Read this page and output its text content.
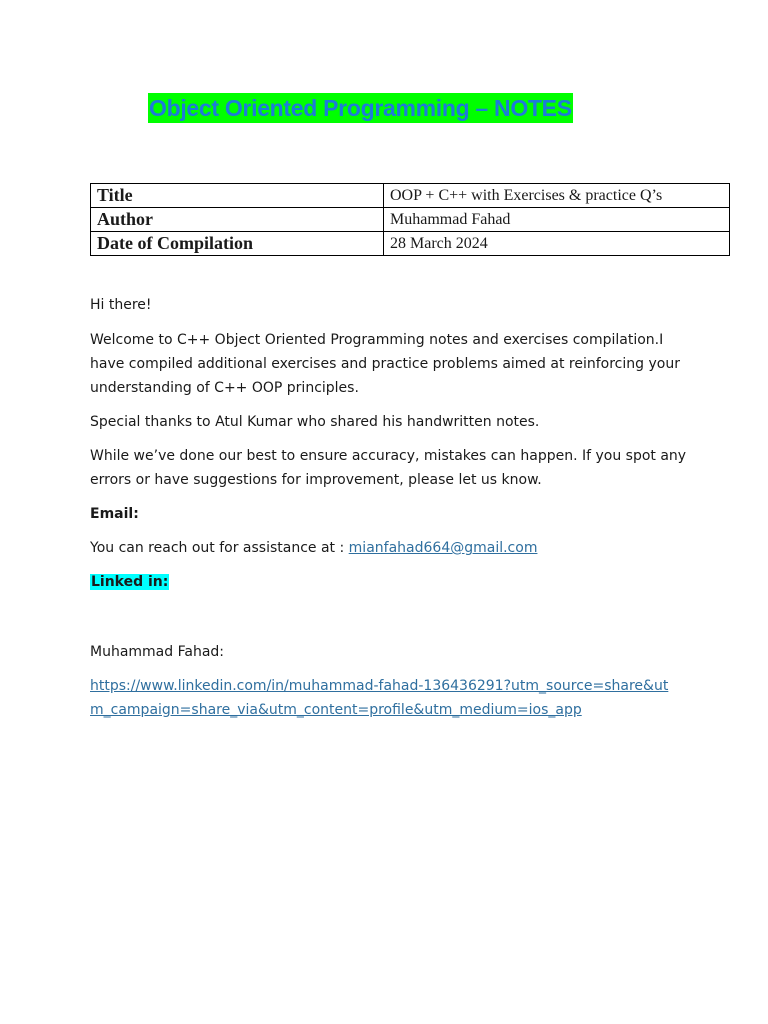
Object Oriented Programming – NOTES
Title	OOP + C++ with Exercises & practice Q’s
Author	Muhammad Fahad
Date of Compilation	28 March 2024

Hi there!

Welcome to C++ Object Oriented Programming notes and exercises compilation.I have compiled additional exercises and practice problems aimed at reinforcing your understanding of C++ OOP principles.

Special thanks to Atul Kumar who shared his handwritten notes.

While we’ve done our best to ensure accuracy, mistakes can happen. If you spot any errors or have suggestions for improvement, please let us know.

Email:

You can reach out for assistance at : mianfahad664@gmail.com

Linked in:

Muhammad Fahad:

https://www.linkedin.com/in/muhammad-fahad-136436291?utm_source=share&utm_campaign=share_via&utm_content=profile&utm_medium=ios_app
